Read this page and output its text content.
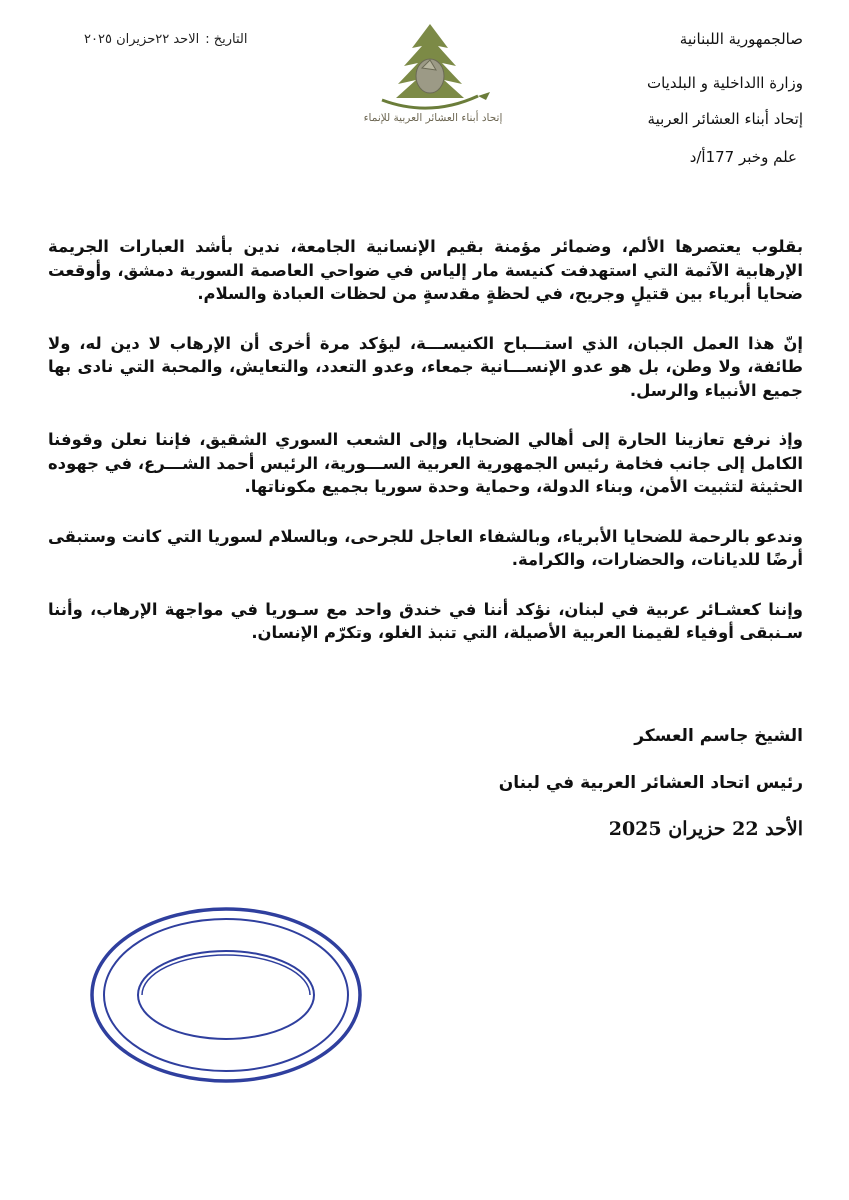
صالجمهورية اللبنانية
وزارة االداخلية و البلديات
إتحاد أبناء العشائر العربية
علم وخبر 177أ/د
التاريخ :الاحد ٢٢حزيران ٢٠٢٥
إتحاد أبناء العشائر العربية للإنماء

بقلوب يعتصرها الألم، وضمائر مؤمنة بقيم الإنسانية الجامعة، ندين بأشد العبارات الجريمة الإرهابية الآثمة التي استهدفت كنيسة مار إلياس في ضواحي العاصمة السورية دمشق، وأوقعت ضحايا أبرياء بين قتيلٍ وجريح، في لحظةٍ مقدسةٍ من لحظات العبادة والسلام.

إنّ هذا العمل الجبان، الذي استـــباح الكنيســـة، ليؤكد مرة أخرى أن الإرهاب لا دين له، ولا طائفة، ولا وطن، بل هو عدو الإنســـانية جمعاء، وعدو التعدد، والتعايش، والمحبة التي نادى بها جميع الأنبياء والرسل.

وإذ نرفع تعازينا الحارة إلى أهالي الضحايا، وإلى الشعب السوري الشقيق، فإننا نعلن وقوفنا الكامل إلى جانب فخامة رئيس الجمهورية العربية الســـورية، الرئيس أحمد الشـــرع، في جهوده الحثيثة لتثبيت الأمن، وبناء الدولة، وحماية وحدة سوريا بجميع مكوناتها.

وندعو بالرحمة للضحايا الأبرياء، وبالشفاء العاجل للجرحى، وبالسلام لسوريا التي كانت وستبقى أرضًا للديانات، والحضارات، والكرامة.

وإننا كعشـائر عربية في لبنان، نؤكد أننا في خندق واحد مع سـوريا في مواجهة الإرهاب، وأننا سـنبقى أوفياء لقيمنا العربية الأصيلة، التي تنبذ الغلو، وتكرّم الإنسان.

الشيخ جاسم العسكر
رئيس اتحاد العشائر العربية في لبنان
الأحد 22 حزيران 2025
